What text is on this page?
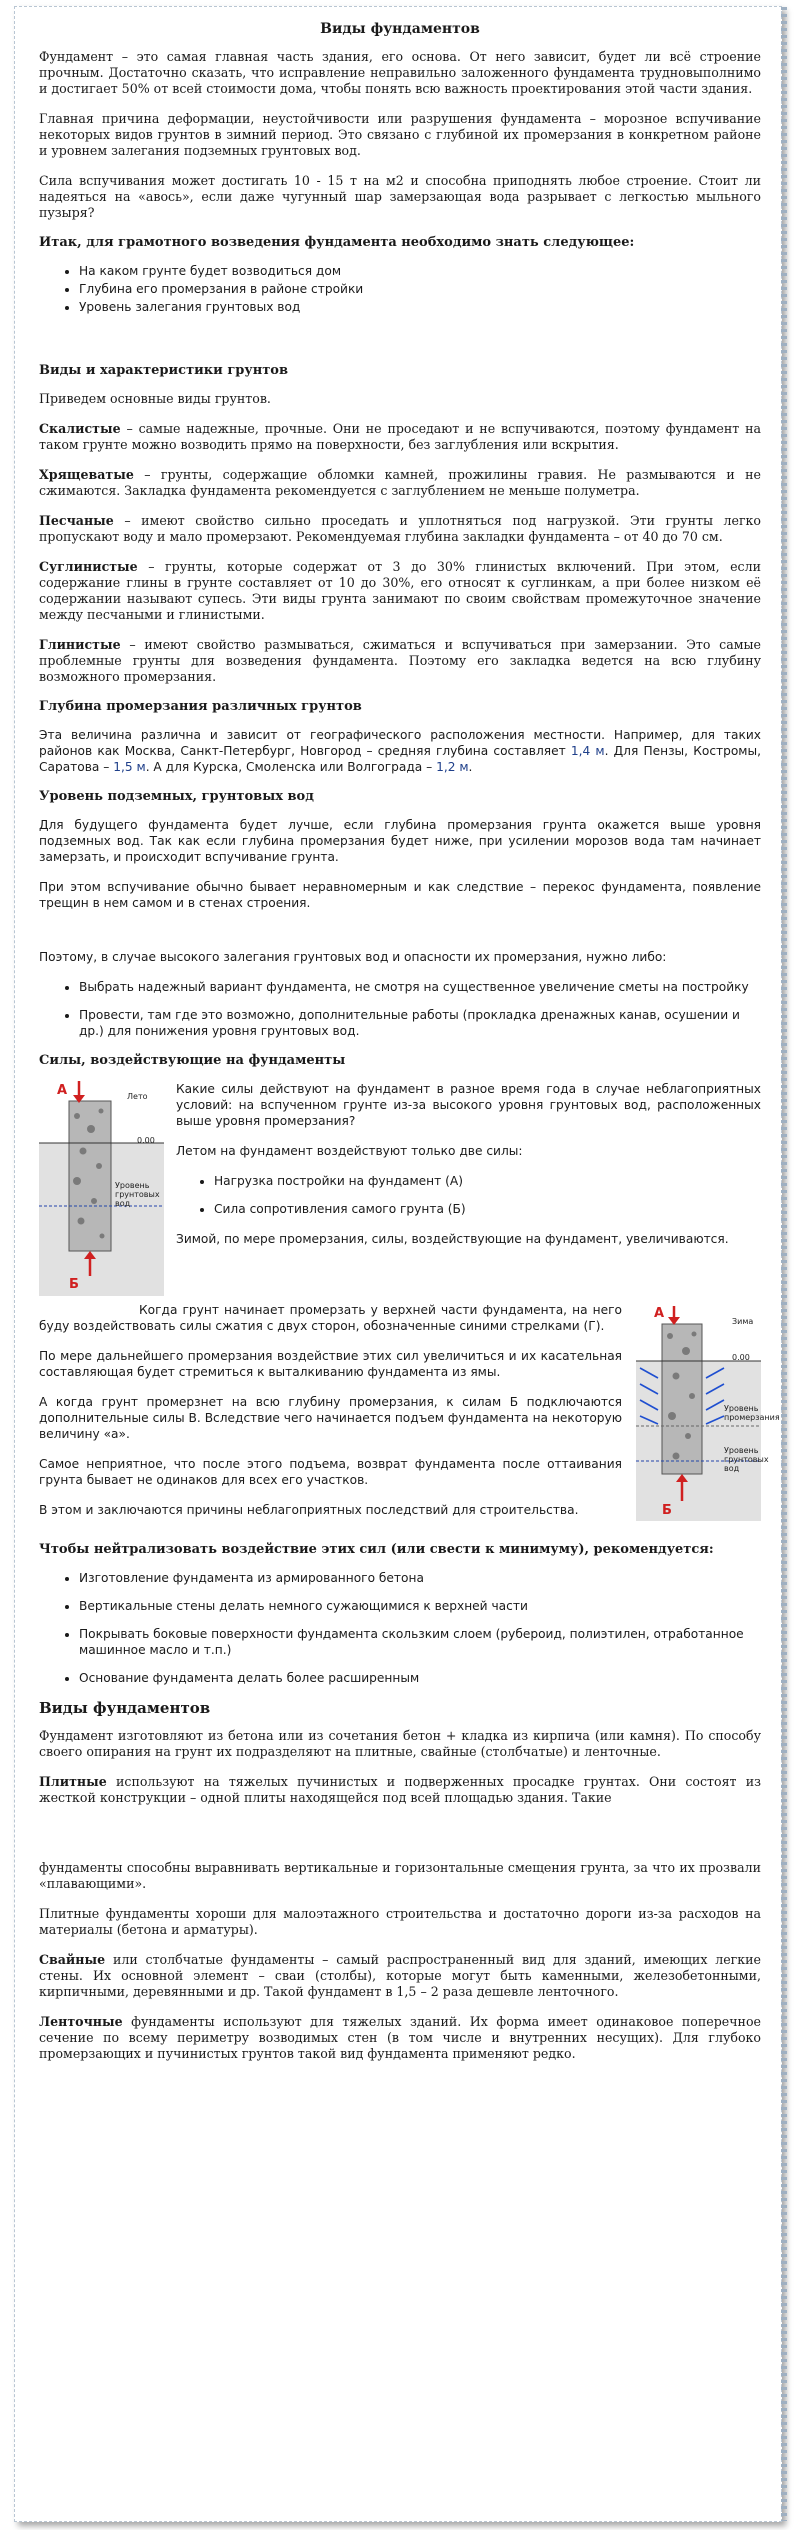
Виды фундаментов

Фундамент – это самая главная часть здания, его основа. От него зависит, будет ли всё строение прочным. Достаточно сказать, что исправление неправильно заложенного фундамента трудновыполнимо и достигает 50% от всей стоимости дома, чтобы понять всю важность проектирования этой части здания.

Главная причина деформации, неустойчивости или разрушения фундамента – морозное вспучивание некоторых видов грунтов в зимний период. Это связано с глубиной их промерзания в конкретном районе и уровнем залегания подземных грунтовых вод.

Сила вспучивания может достигать 10 - 15 т на м2 и способна приподнять любое строение. Стоит ли надеяться на «авось», если даже чугунный шар замерзающая вода разрывает с легкостью мыльного пузыря?

Итак, для грамотного возведения фундамента необходимо знать следующее:
• На каком грунте будет возводиться дом
• Глубина его промерзания в районе стройки
• Уровень залегания грунтовых вод
Виды и характеристики грунтов

Приведем основные виды грунтов.

Скалистые – самые надежные, прочные. Они не проседают и не вспучиваются, поэтому фундамент на таком грунте можно возводить прямо на поверхности, без заглубления или вскрытия.

Хрящеватые – грунты, содержащие обломки камней, прожилины гравия. Не размываются и не сжимаются. Закладка фундамента рекомендуется с заглублением не меньше полуметра.

Песчаные – имеют свойство сильно проседать и уплотняться под нагрузкой. Эти грунты легко пропускают воду и мало промерзают. Рекомендуемая глубина закладки фундамента – от 40 до 70 см.

Суглинистые – грунты, которые содержат от 3 до 30% глинистых включений. При этом, если содержание глины в грунте составляет от 10 до 30%, его относят к суглинкам, а при более низком её содержании называют супесь. Эти виды грунта занимают по своим свойствам промежуточное значение между песчаными и глинистыми.

Глинистые – имеют свойство размываться, сжиматься и вспучиваться при замерзании. Это самые проблемные грунты для возведения фундамента. Поэтому его закладка ведется на всю глубину возможного промерзания.

Глубина промерзания различных грунтов

Эта величина различна и зависит от географического расположения местности. Например, для таких районов как Москва, Санкт-Петербург, Новгород – средняя глубина составляет 1,4 м. Для Пензы, Костромы, Саратова – 1,5 м. А для Курска, Смоленска или Волгограда – 1,2 м.

Уровень подземных, грунтовых вод

Для будущего фундамента будет лучше, если глубина промерзания грунта окажется выше уровня подземных вод. Так как если глубина промерзания будет ниже, при усилении морозов вода там начинает замерзать, и происходит вспучивание грунта.

При этом вспучивание обычно бывает неравномерным и как следствие – перекос фундамента, появление трещин в нем самом и в стенах строения.

Поэтому, в случае высокого залегания грунтовых вод и опасности их промерзания, нужно либо:

• Выбрать надежный вариант фундамента, не смотря на существенное увеличение сметы на постройку
• Провести, там где это возможно, дополнительные работы (прокладка дренажных канав, осушении и др.) для понижения уровня грунтовых вод.
Силы, воздействующие на фундаменты
А
Б
Лето
0.00
Уровень грунтовых вод

Какие силы действуют на фундамент в разное время года в случае неблагоприятных условий: на вспученном грунте из-за высокого уровня грунтовых вод, расположенных выше уровня промерзания?

Летом на фундамент воздействуют только две силы:

• Нагрузка постройки на фундамент (А)
• Сила сопротивления самого грунта (Б)

Зимой, по мере промерзания, силы, воздействующие на фундамент, увеличиваются.

А
Б
Зима
0.00
Уровень промерзания
Уровень грунтовых вод

Когда грунт начинает промерзать у верхней части фундамента, на него буду воздействовать силы сжатия с двух сторон, обозначенные синими стрелками (Г).

По мере дальнейшего промерзания воздействие этих сил увеличиться и их касательная составляющая будет стремиться к выталкиванию фундамента из ямы.

А когда грунт промерзнет на всю глубину промерзания, к силам Б подключаются дополнительные силы В. Вследствие чего начинается подъем фундамента на некоторую величину «а».

Самое неприятное, что после этого подъема, возврат фундамента после оттаивания грунта бывает не одинаков для всех его участков.

В этом и заключаются причины неблагоприятных последствий для строительства.

Чтобы нейтрализовать воздействие этих сил (или свести к минимуму), рекомендуется:
• Изготовление фундамента из армированного бетона
• Вертикальные стены делать немного сужающимися к верхней части
• Покрывать боковые поверхности фундамента скользким слоем (рубероид, полиэтилен, отработанное машинное масло и т.п.)
• Основание фундамента делать более расширенным
Виды фундаментов

Фундамент изготовляют из бетона или из сочетания бетон + кладка из кирпича (или камня). По способу своего опирания на грунт их подразделяют на плитные, свайные (столбчатые) и ленточные.

Плитные используют на тяжелых пучинистых и подверженных просадке грунтах. Они состоят из жесткой конструкции – одной плиты находящейся под всей площадью здания. Такие

фундаменты способны выравнивать вертикальные и горизонтальные смещения грунта, за что их прозвали «плавающими».

Плитные фундаменты хороши для малоэтажного строительства и достаточно дороги из-за расходов на материалы (бетона и арматуры).

Свайные или столбчатые фундаменты – самый распространенный вид для зданий, имеющих легкие стены. Их основной элемент – сваи (столбы), которые могут быть каменными, железобетонными, кирпичными, деревянными и др. Такой фундамент в 1,5 – 2 раза дешевле ленточного.

Ленточные фундаменты используют для тяжелых зданий. Их форма имеет одинаковое поперечное сечение по всему периметру возводимых стен (в том числе и внутренних несущих). Для глубоко промерзающих и пучинистых грунтов такой вид фундамента применяют редко.
